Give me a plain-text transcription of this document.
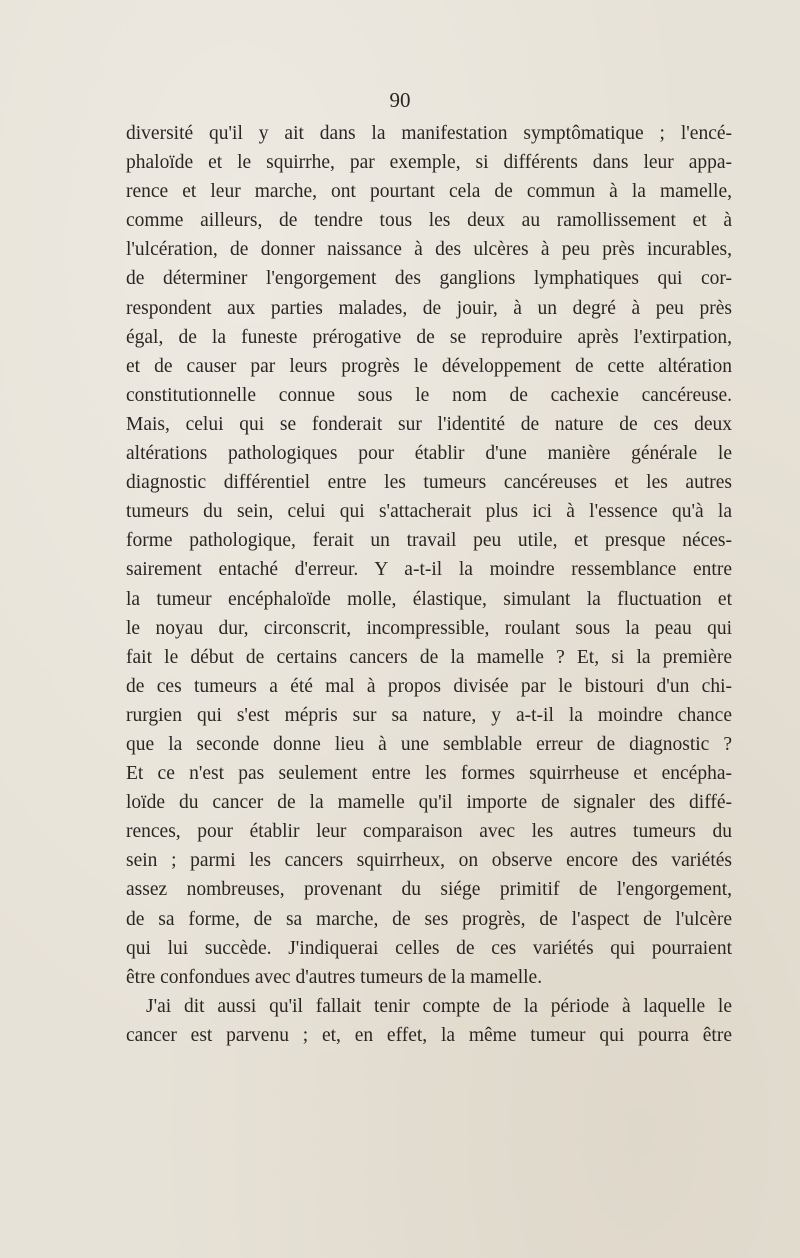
90
diversité qu'il y ait dans la manifestation symptômatique ; l'encé-
phaloïde et le squirrhe, par exemple, si différents dans leur appa-
rence et leur marche, ont pourtant cela de commun à la mamelle,
comme ailleurs, de tendre tous les deux au ramollissement et à
l'ulcération, de donner naissance à des ulcères à peu près incurables,
de déterminer l'engorgement des ganglions lymphatiques qui cor-
respondent aux parties malades, de jouir, à un degré à peu près
égal, de la funeste prérogative de se reproduire après l'extirpation,
et de causer par leurs progrès le développement de cette altération
constitutionnelle connue sous le nom de cachexie cancéreuse.
Mais, celui qui se fonderait sur l'identité de nature de ces deux
altérations pathologiques pour établir d'une manière générale le
diagnostic différentiel entre les tumeurs cancéreuses et les autres
tumeurs du sein, celui qui s'attacherait plus ici à l'essence qu'à la
forme pathologique, ferait un travail peu utile, et presque néces-
sairement entaché d'erreur. Y a-t-il la moindre ressemblance entre
la tumeur encéphaloïde molle, élastique, simulant la fluctuation et
le noyau dur, circonscrit, incompressible, roulant sous la peau qui
fait le début de certains cancers de la mamelle ? Et, si la première
de ces tumeurs a été mal à propos divisée par le bistouri d'un chi-
rurgien qui s'est mépris sur sa nature, y a-t-il la moindre chance
que la seconde donne lieu à une semblable erreur de diagnostic ?
Et ce n'est pas seulement entre les formes squirrheuse et encépha-
loïde du cancer de la mamelle qu'il importe de signaler des diffé-
rences, pour établir leur comparaison avec les autres tumeurs du
sein ; parmi les cancers squirrheux, on observe encore des variétés
assez nombreuses, provenant du siége primitif de l'engorgement,
de sa forme, de sa marche, de ses progrès, de l'aspect de l'ulcère
qui lui succède. J'indiquerai celles de ces variétés qui pourraient
être confondues avec d'autres tumeurs de la mamelle.
J'ai dit aussi qu'il fallait tenir compte de la période à laquelle le
cancer est parvenu ; et, en effet, la même tumeur qui pourra être
